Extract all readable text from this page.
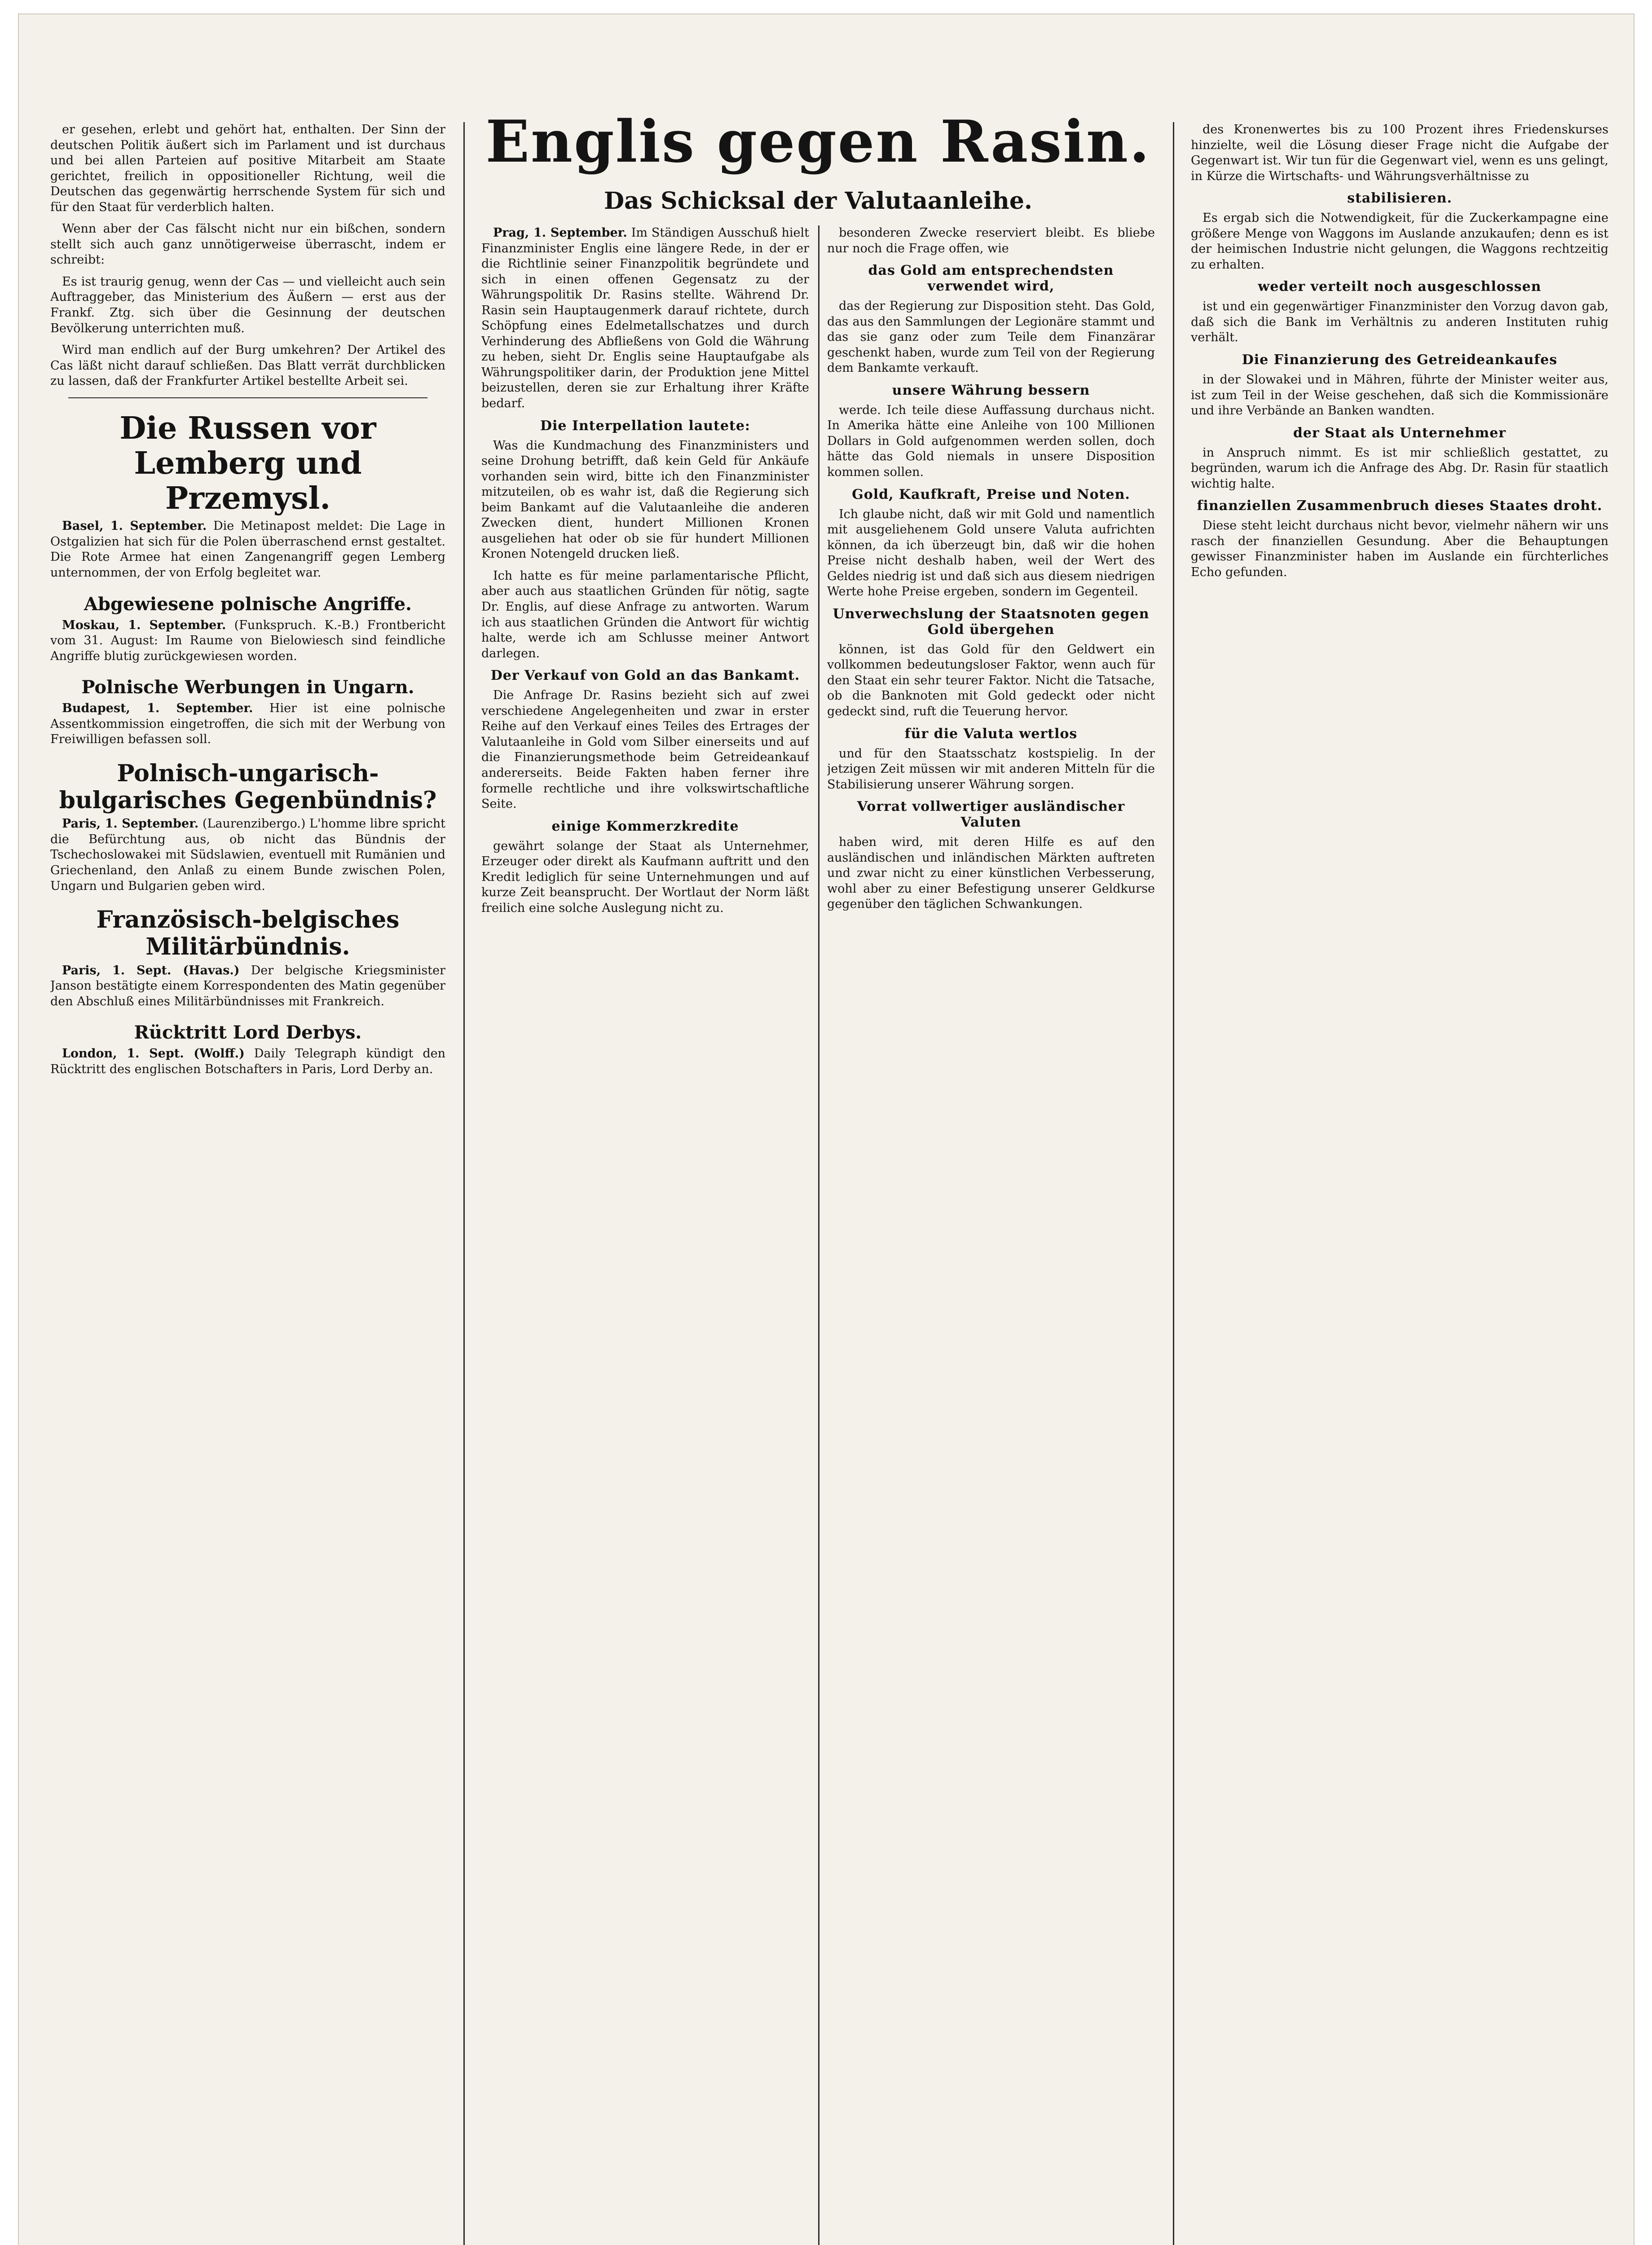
Englis gegen Rasin.
Das Schicksal der Valutaanleihe.

er gesehen, erlebt und gehört hat, enthalten. Der Sinn der deutschen Politik äußert sich im Parlament und ist durchaus und bei allen Parteien auf positive Mitarbeit am Staate gerichtet, freilich in oppositioneller Richtung, weil die Deutschen das gegenwärtig herrschende System für sich und für den Staat für verderblich halten.

Wenn aber der Cas fälscht nicht nur ein bißchen, sondern stellt sich auch ganz unnötigerweise überrascht, indem er schreibt:

Es ist traurig genug, wenn der Cas — und vielleicht auch sein Auftraggeber, das Ministerium des Äußern — erst aus der Frankf. Ztg. sich über die Gesinnung der deutschen Bevölkerung unterrichten muß.

Wird man endlich auf der Burg umkehren? Der Artikel des Cas läßt nicht darauf schließen. Das Blatt verrät durchblicken zu lassen, daß der Frankfurter Artikel bestellte Arbeit sei.

Die Russen vor Lemberg und Przemysl.

Basel, 1. September. Die Metinapost meldet: Die Lage in Ostgalizien hat sich für die Polen überraschend ernst gestaltet. Die Rote Armee hat einen Zangenangriff gegen Lemberg unternommen, der von Erfolg begleitet war.

Abgewiesene polnische Angriffe.

Moskau, 1. September. (Funkspruch. K.-B.) Frontbericht vom 31. August: Im Raume von Bielowiesch sind feindliche Angriffe blutig zurückgewiesen worden.

Polnische Werbungen in Ungarn.

Budapest, 1. September. Hier ist eine polnische Assentkommission eingetroffen, die sich mit der Werbung von Freiwilligen befassen soll.

Polnisch-ungarisch-bulgarisches Gegenbündnis?

Paris, 1. September. (Laurenzibergo.) L'homme libre spricht die Befürchtung aus, ob nicht das Bündnis der Tschechoslowakei mit Südslawien, eventuell mit Rumänien und Griechenland, den Anlaß zu einem Bunde zwischen Polen, Ungarn und Bulgarien geben wird.

Französisch-belgisches Militärbündnis.

Paris, 1. Sept. (Havas.) Der belgische Kriegsminister Janson bestätigte einem Korrespondenten des Matin gegenüber den Abschluß eines Militärbündnisses mit Frankreich.

Rücktritt Lord Derbys.

London, 1. Sept. (Wolff.) Daily Telegraph kündigt den Rücktritt des englischen Botschafters in Paris, Lord Derby an.

Prag, 1. September. Im Ständigen Ausschuß hielt Finanzminister Englis eine längere Rede, in der er die Richtlinie seiner Finanzpolitik begründete und sich in einen offenen Gegensatz zu der Währungspolitik Dr. Rasins stellte. Während Dr. Rasin sein Hauptaugenmerk darauf richtete, durch Schöpfung eines Edelmetallschatzes und durch Verhinderung des Abfließens von Gold die Währung zu heben, sieht Dr. Englis seine Hauptaufgabe als Währungspolitiker darin, der Produktion jene Mittel beizustellen, deren sie zur Erhaltung ihrer Kräfte bedarf.

Die Interpellation lautete:

Was die Kundmachung des Finanzministers und seine Drohung betrifft, daß kein Geld für Ankäufe vorhanden sein wird, bitte ich den Finanzminister mitzuteilen, ob es wahr ist, daß die Regierung sich beim Bankamt auf die Valutaanleihe die anderen Zwecken dient, hundert Millionen Kronen ausgeliehen hat oder ob sie für hundert Millionen Kronen Notengeld drucken ließ.

Ich hatte es für meine parlamentarische Pflicht, aber auch aus staatlichen Gründen für nötig, sagte Dr. Englis, auf diese Anfrage zu antworten. Warum ich aus staatlichen Gründen die Antwort für wichtig halte, werde ich am Schlusse meiner Antwort darlegen.

Der Verkauf von Gold an das Bankamt.

Die Anfrage Dr. Rasins bezieht sich auf zwei verschiedene Angelegenheiten und zwar in erster Reihe auf den Verkauf eines Teiles des Ertrages der Valutaanleihe in Gold vom Silber einerseits und auf die Finanzierungsmethode beim Getreideankauf andererseits. Beide Fakten haben ferner ihre formelle rechtliche und ihre volkswirtschaftliche Seite.

einige Kommerzkredite

gewährt solange der Staat als Unternehmer, Erzeuger oder direkt als Kaufmann auftritt und den Kredit lediglich für seine Unternehmungen und auf kurze Zeit beansprucht. Der Wortlaut der Norm läßt freilich eine solche Auslegung nicht zu.

besonderen Zwecke reserviert bleibt. Es bliebe nur noch die Frage offen, wie

das Gold am entsprechendsten verwendet wird,

das der Regierung zur Disposition steht. Das Gold, das aus den Sammlungen der Legionäre stammt und das sie ganz oder zum Teile dem Finanzärar geschenkt haben, wurde zum Teil von der Regierung dem Bankamte verkauft.

unsere Währung bessern

werde. Ich teile diese Auffassung durchaus nicht. In Amerika hätte eine Anleihe von 100 Millionen Dollars in Gold aufgenommen werden sollen, doch hätte das Gold niemals in unsere Disposition kommen sollen.

Gold, Kaufkraft, Preise und Noten.

Ich glaube nicht, daß wir mit Gold und namentlich mit ausgeliehenem Gold unsere Valuta aufrichten können, da ich überzeugt bin, daß wir die hohen Preise nicht deshalb haben, weil der Wert des Geldes niedrig ist und daß sich aus diesem niedrigen Werte hohe Preise ergeben, sondern im Gegenteil.

Unverwechslung der Staatsnoten gegen Gold übergehen

können, ist das Gold für den Geldwert ein vollkommen bedeutungsloser Faktor, wenn auch für den Staat ein sehr teurer Faktor. Nicht die Tatsache, ob die Banknoten mit Gold gedeckt oder nicht gedeckt sind, ruft die Teuerung hervor.

für die Valuta wertlos

und für den Staatsschatz kostspielig. In der jetzigen Zeit müssen wir mit anderen Mitteln für die Stabilisierung unserer Währung sorgen.

Vorrat vollwertiger ausländischer Valuten

haben wird, mit deren Hilfe es auf den ausländischen und inländischen Märkten auftreten und zwar nicht zu einer künstlichen Verbesserung, wohl aber zu einer Befestigung unserer Geldkurse gegenüber den täglichen Schwankungen.

des Kronenwertes bis zu 100 Prozent ihres Friedenskurses hinzielte, weil die Lösung dieser Frage nicht die Aufgabe der Gegenwart ist. Wir tun für die Gegenwart viel, wenn es uns gelingt, in Kürze die Wirtschafts- und Währungsverhältnisse zu

stabilisieren.

Es ergab sich die Notwendigkeit, für die Zuckerkampagne eine größere Menge von Waggons im Auslande anzukaufen; denn es ist der heimischen Industrie nicht gelungen, die Waggons rechtzeitig zu erhalten.

weder verteilt noch ausgeschlossen

ist und ein gegenwärtiger Finanzminister den Vorzug davon gab, daß sich die Bank im Verhältnis zu anderen Instituten ruhig verhält.

Die Finanzierung des Getreideankaufes

in der Slowakei und in Mähren, führte der Minister weiter aus, ist zum Teil in der Weise geschehen, daß sich die Kommissionäre und ihre Verbände an Banken wandten.

der Staat als Unternehmer

in Anspruch nimmt. Es ist mir schließlich gestattet, zu begründen, warum ich die Anfrage des Abg. Dr. Rasin für staatlich wichtig halte.

finanziellen Zusammenbruch dieses Staates droht.

Diese steht leicht durchaus nicht bevor, vielmehr nähern wir uns rasch der finanziellen Gesundung. Aber die Behauptungen gewisser Finanzminister haben im Auslande ein fürchterliches Echo gefunden.
